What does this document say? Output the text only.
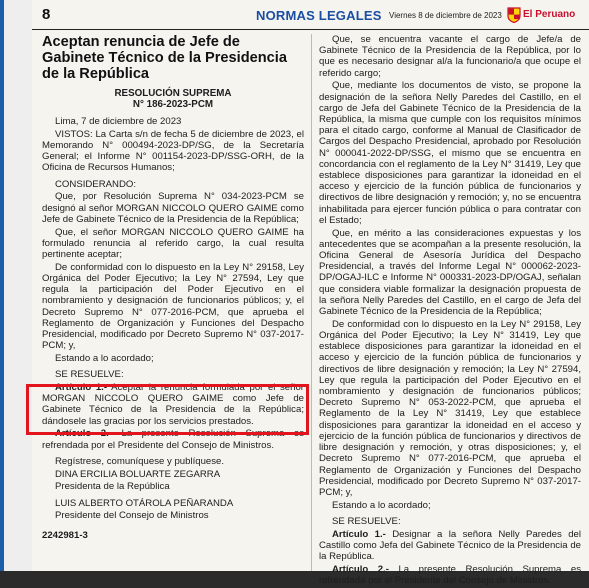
8	NORMAS LEGALES Viernes 8 de diciembre de 2023 El Peruano
Aceptan renuncia de Jefe de Gabinete Técnico de la Presidencia de la República
RESOLUCIÓN SUPREMA
N° 186-2023-PCM

Lima, 7 de diciembre de 2023

VISTOS: La Carta s/n de fecha 5 de diciembre de 2023, el Memorando N° 000494-2023-DP/SG, de la Secretaría General; el Informe N° 001154-2023-DP/SSG-ORH, de la Oficina de Recursos Humanos;

CONSIDERANDO:

Que, por Resolución Suprema N° 034-2023-PCM se designó al señor MORGAN NICCOLO QUERO GAIME como Jefe de Gabinete Técnico de la Presidencia de la República;

Que, el señor MORGAN NICCOLO QUERO GAIME ha formulado renuncia al referido cargo, la cual resulta pertinente aceptar;

De conformidad con lo dispuesto en la Ley N° 29158, Ley Orgánica del Poder Ejecutivo; la Ley N° 27594, Ley que regula la participación del Poder Ejecutivo en el nombramiento y designación de funcionarios públicos; y, el Decreto Supremo N° 077-2016-PCM, que aprueba el Reglamento de Organización y Funciones del Despacho Presidencial, modificado por Decreto Supremo N° 037-2017-PCM; y,

Estando a lo acordado;

SE RESUELVE:

Artículo 1.- Aceptar la renuncia formulada por el señor MORGAN NICCOLO QUERO GAIME como Jefe de Gabinete Técnico de la Presidencia de la República; dándosele las gracias por los servicios prestados.

Artículo 2.- La presente Resolución Suprema es refrendada por el Presidente del Consejo de Ministros.

Regístrese, comuníquese y publíquese.

DINA ERCILIA BOLUARTE ZEGARRA

Presidenta de la República

LUIS ALBERTO OTÁROLA PEÑARANDA

Presidente del Consejo de Ministros

2242981-3

Que, se encuentra vacante el cargo de Jefe/a de Gabinete Técnico de la Presidencia de la República, por lo que es necesario designar al/a la funcionario/a que ocupe el referido cargo;

Que, mediante los documentos de visto, se propone la designación de la señora Nelly Paredes del Castillo, en el cargo de Jefa del Gabinete Técnico de la Presidencia de la República, la misma que cumple con los requisitos mínimos para el citado cargo, conforme al Manual de Clasificador de Cargos del Despacho Presidencial, aprobado por Resolución N° 000041-2022-DP/SSG, el mismo que se encuentra en concordancia con el reglamento de la Ley N° 31419, Ley que establece disposiciones para garantizar la idoneidad en el acceso y ejercicio de la función pública de funcionarios y directivos de libre designación y remoción; y, no se encuentra inhabilitada para ejercer función pública o para contratar con el Estado;

Que, en mérito a las consideraciones expuestas y los antecedentes que se acompañan a la presente resolución, la Oficina General de Asesoría Jurídica del Despacho Presidencial, a través del Informe Legal N° 000062-2023-DP/OGAJ-ILC e Informe N° 000331-2023-DP/OGAJ, señalan que considera viable formalizar la designación propuesta de la señora Nelly Paredes del Castillo, en el cargo de Jefa del Gabinete Técnico de la Presidencia de la República;

De conformidad con lo dispuesto en la Ley N° 29158, Ley Orgánica del Poder Ejecutivo; la Ley N° 31419, Ley que establece disposiciones para garantizar la idoneidad en el acceso y ejercicio de la función pública de funcionarios y directivos de libre designación y remoción; la Ley N° 27594, Ley que regula la participación del Poder Ejecutivo en el nombramiento y designación de funcionarios públicos; Decreto Supremo N° 053-2022-PCM, que aprueba el Reglamento de la Ley N° 31419, Ley que establece disposiciones para garantizar la idoneidad en el acceso y ejercicio de la función pública de funcionarios y directivos de libre designación y remoción, y otras disposiciones; y, el Decreto Supremo N° 077-2016-PCM, que aprueba el Reglamento de Organización y Funciones del Despacho Presidencial, modificado por Decreto Supremo N° 037-2017-PCM; y,

Estando a lo acordado;

SE RESUELVE:

Artículo 1.- Designar a la señora Nelly Paredes del Castillo como Jefa del Gabinete Técnico de la Presidencia de la República.

Artículo 2.- La presente Resolución Suprema es refrendada por el Presidente del Consejo de Ministros.
